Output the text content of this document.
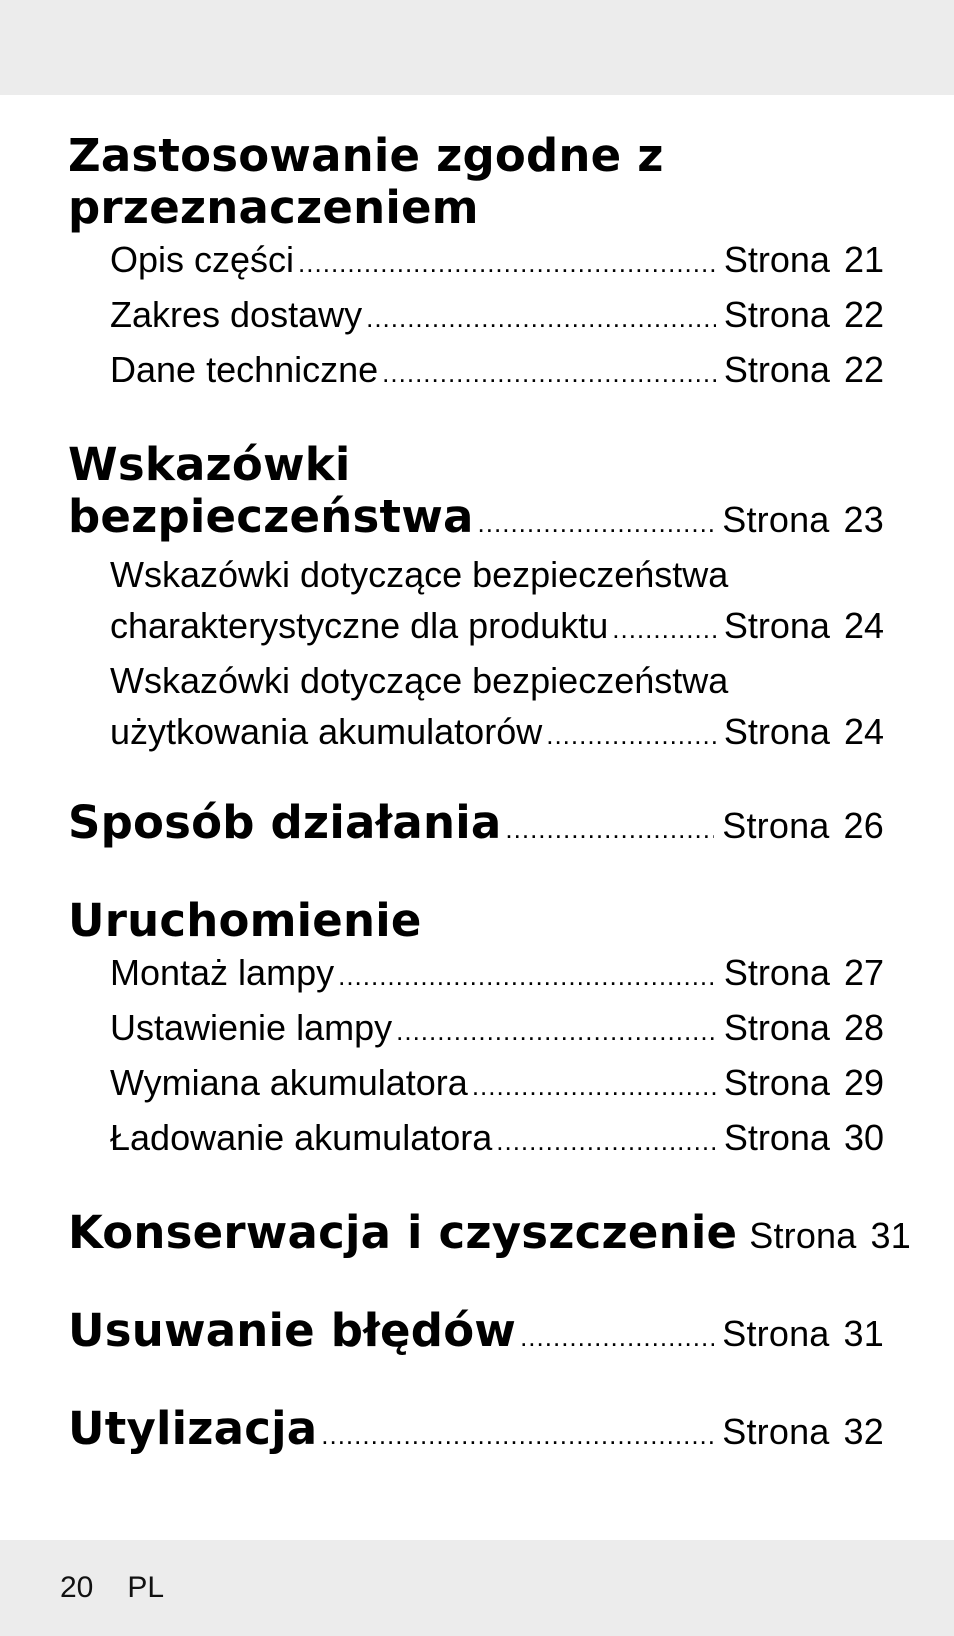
Zastosowanie zgodne z
przeznaczeniem
Opis części .....	Strona 21
Zakres dostawy .....	Strona 22
Dane techniczne .....	Strona 22
Wskazówki
bezpieczeństwa .....	Strona 23
Wskazówki dotyczące bezpieczeństwa
charakterystyczne dla produktu .....	Strona 24
Wskazówki dotyczące bezpieczeństwa
użytkowania akumulatorów .....	Strona 24
Sposób działania .....	Strona 26
Uruchomienie
Montaż lampy .....	Strona 27
Ustawienie lampy .....	Strona 28
Wymiana akumulatora .....	Strona 29
Ładowanie akumulatora .....	Strona 30
Konserwacja i czyszczenie Strona 31
Usuwanie błędów .....	Strona 31
Utylizacja .....	Strona 32
20 PL
